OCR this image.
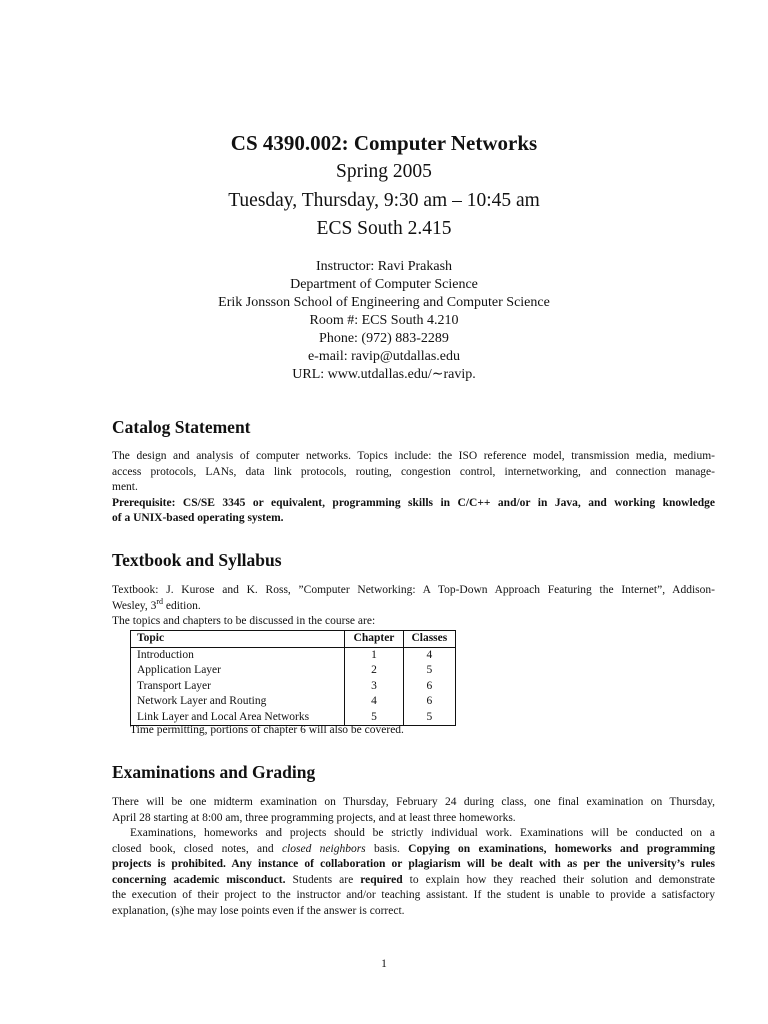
CS 4390.002: Computer Networks
Spring 2005
Tuesday, Thursday, 9:30 am – 10:45 am
ECS South 2.415
Instructor: Ravi Prakash
Department of Computer Science
Erik Jonsson School of Engineering and Computer Science
Room #: ECS South 4.210
Phone: (972) 883-2289
e-mail: ravip@utdallas.edu
URL: www.utdallas.edu/∼ravip.
Catalog Statement
The design and analysis of computer networks. Topics include: the ISO reference model, transmission media, medium-
access protocols, LANs, data link protocols, routing, congestion control, internetworking, and connection manage-
ment.
Prerequisite: CS/SE 3345 or equivalent, programming skills in C/C++ and/or in Java, and working knowledge
of a UNIX-based operating system.
Textbook and Syllabus
Textbook: J. Kurose and K. Ross, ”Computer Networking: A Top-Down Approach Featuring the Internet”, Addison-
Wesley, 3rd edition.
The topics and chapters to be discussed in the course are:
Topic	Chapter	Classes
Introduction	1	4
Application Layer	2	5
Transport Layer	3	6
Network Layer and Routing	4	6
Link Layer and Local Area Networks	5	5
Time permitting, portions of chapter 6 will also be covered.
Examinations and Grading
There will be one midterm examination on Thursday, February 24 during class, one final examination on Thursday,
April 28 starting at 8:00 am, three programming projects, and at least three homeworks.
Examinations, homeworks and projects should be strictly individual work. Examinations will be conducted on a
closed book, closed notes, and closed neighbors basis. Copying on examinations, homeworks and programming
projects is prohibited. Any instance of collaboration or plagiarism will be dealt with as per the university’s rules
concerning academic misconduct. Students are required to explain how they reached their solution and demonstrate
the execution of their project to the instructor and/or teaching assistant. If the student is unable to provide a satisfactory
explanation, (s)he may lose points even if the answer is correct.
1
